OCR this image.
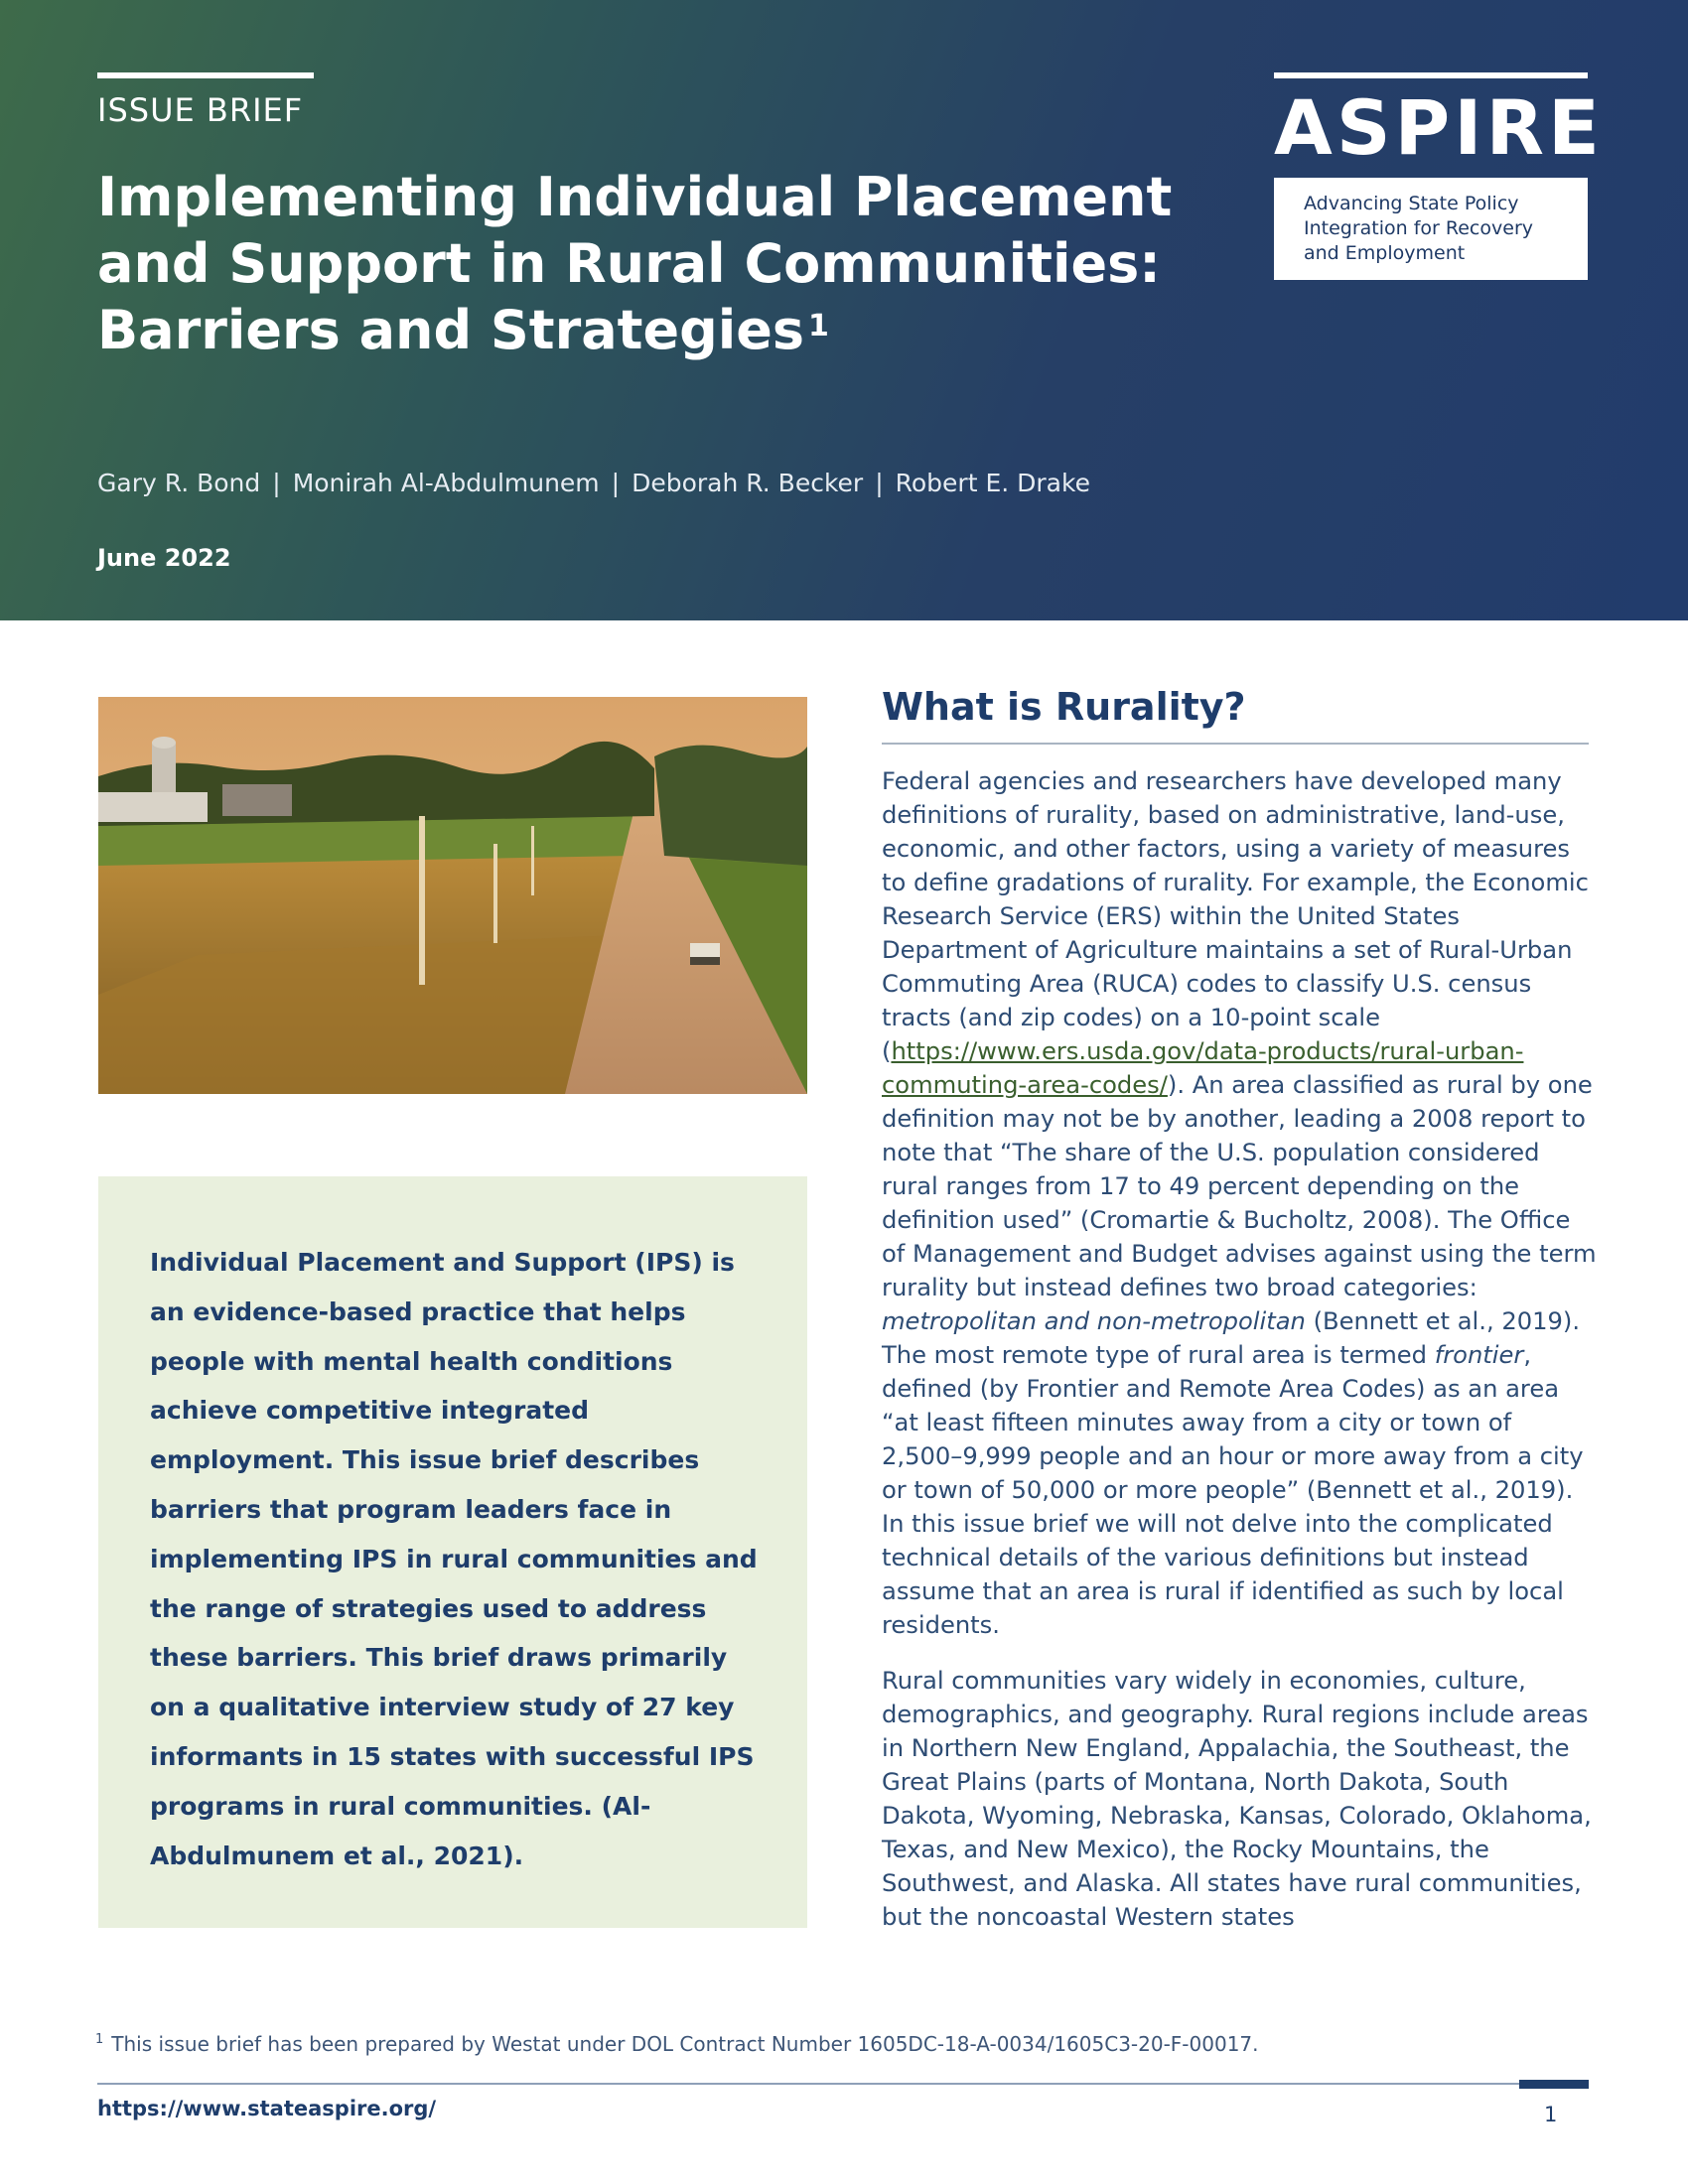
ISSUE BRIEF
Implementing Individual Placement and Support in Rural Communities: Barriers and Strategies $^1$
Gary R. Bond | Monirah Al-Abdulmunem | Deborah R. Becker | Robert E. Drake
June 2022
ASPIRE
Advancing State Policy Integration for Recovery and Employment

Individual Placement and Support (IPS) is an evidence-based practice that helps people with mental health conditions achieve competitive integrated employment. This issue brief describes barriers that program leaders face in implementing IPS in rural communities and the range of strategies used to address these barriers. This brief draws primarily on a qualitative interview study of 27 key informants in 15 states with successful IPS programs in rural communities. (Al-Abdulmunem et al., 2021).

What is Rurality?

Federal agencies and researchers have developed many definitions of rurality, based on administrative, land-use, economic, and other factors, using a variety of measures to define gradations of rurality. For example, the Economic Research Service (ERS) within the United States Department of Agriculture maintains a set of Rural-Urban Commuting Area (RUCA) codes to classify U.S. census tracts (and zip codes) on a 10-point scale (https://www.ers.usda.gov/data-products/rural-urban-commuting-area-codes/). An area classified as rural by one definition may not be by another, leading a 2008 report to note that “The share of the U.S. population considered rural ranges from 17 to 49 percent depending on the definition used” (Cromartie & Bucholtz, 2008). The Office of Management and Budget advises against using the term rurality but instead defines two broad categories: metropolitan and non-metropolitan (Bennett et al., 2019). The most remote type of rural area is termed frontier, defined (by Frontier and Remote Area Codes) as an area “at least fifteen minutes away from a city or town of 2,500–9,999 people and an hour or more away from a city or town of 50,000 or more people” (Bennett et al., 2019). In this issue brief we will not delve into the complicated technical details of the various definitions but instead assume that an area is rural if identified as such by local residents.

Rural communities vary widely in economies, culture, demographics, and geography. Rural regions include areas in Northern New England, Appalachia, the Southeast, the Great Plains (parts of Montana, North Dakota, South Dakota, Wyoming, Nebraska, Kansas, Colorado, Oklahoma, Texas, and New Mexico), the Rocky Mountains, the Southwest, and Alaska. All states have rural communities, but the noncoastal Western states

$^1$ This issue brief has been prepared by Westat under DOL Contract Number 1605DC-18-A-0034/1605C3-20-F-00017.
https://www.stateaspire.org/	1
